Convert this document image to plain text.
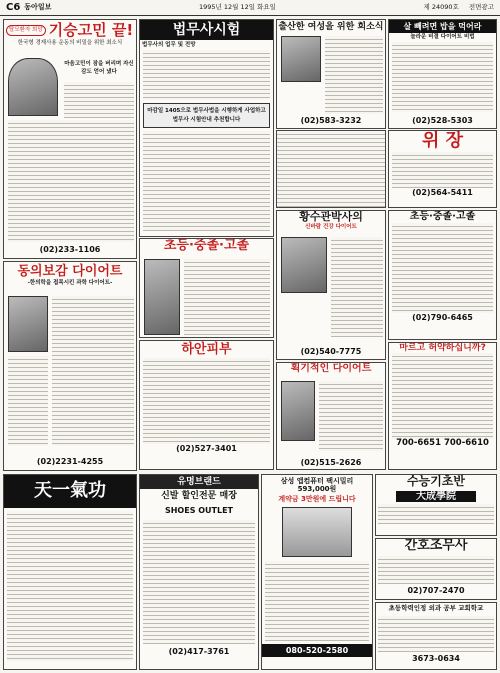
C6 동아일보	1995년 12월 12일 화요일	제 24090호 전면광고
탈모환자 희망 기승고민 끝!
한국형 경제사용 운동의 비밀을 위한 최소식
마음고민이 잠을 버리며 자신감도 얻어 냈다
(02)233-1106
법무사시험
법무사의 업무 및 전망
마감일 1405으로 법무사법을 시행하게 사업하고 법무사 시험안내 추천합니다
초등·중졸·고졸
출산한 여성을 위한 희소식
(02)583-3232
살 빼려면 밥을 먹어라
놀라운 비결 다이어트 비법
(02)528-5303
위 장
(02)564-5411
동의보감 다이어트
-한의학을 접목시킨 과학 다이어트-
(02)2231-4255
황수관박사의
신바람 건강 다이어트
(02)540-7775
초등·중졸·고졸
(02)790-6465
하안피부
(02)527-3401
획기적인 다이어트
(02)515-2626
마르고 허약하십니까?
700-6651 700-6610
天一氣功	유명브랜드
신발 할인전문 매장
SHOES OUTLET
(02)417-3761
삼성 앱컴퓨터 팩시밀리 593,000원
계약금 3만원에 드립니다
080-520-2580
수능기초반
大成學院
간호조무사
02)707-2470
초등학력인정 외과 공부 교회학교
3673-0634
